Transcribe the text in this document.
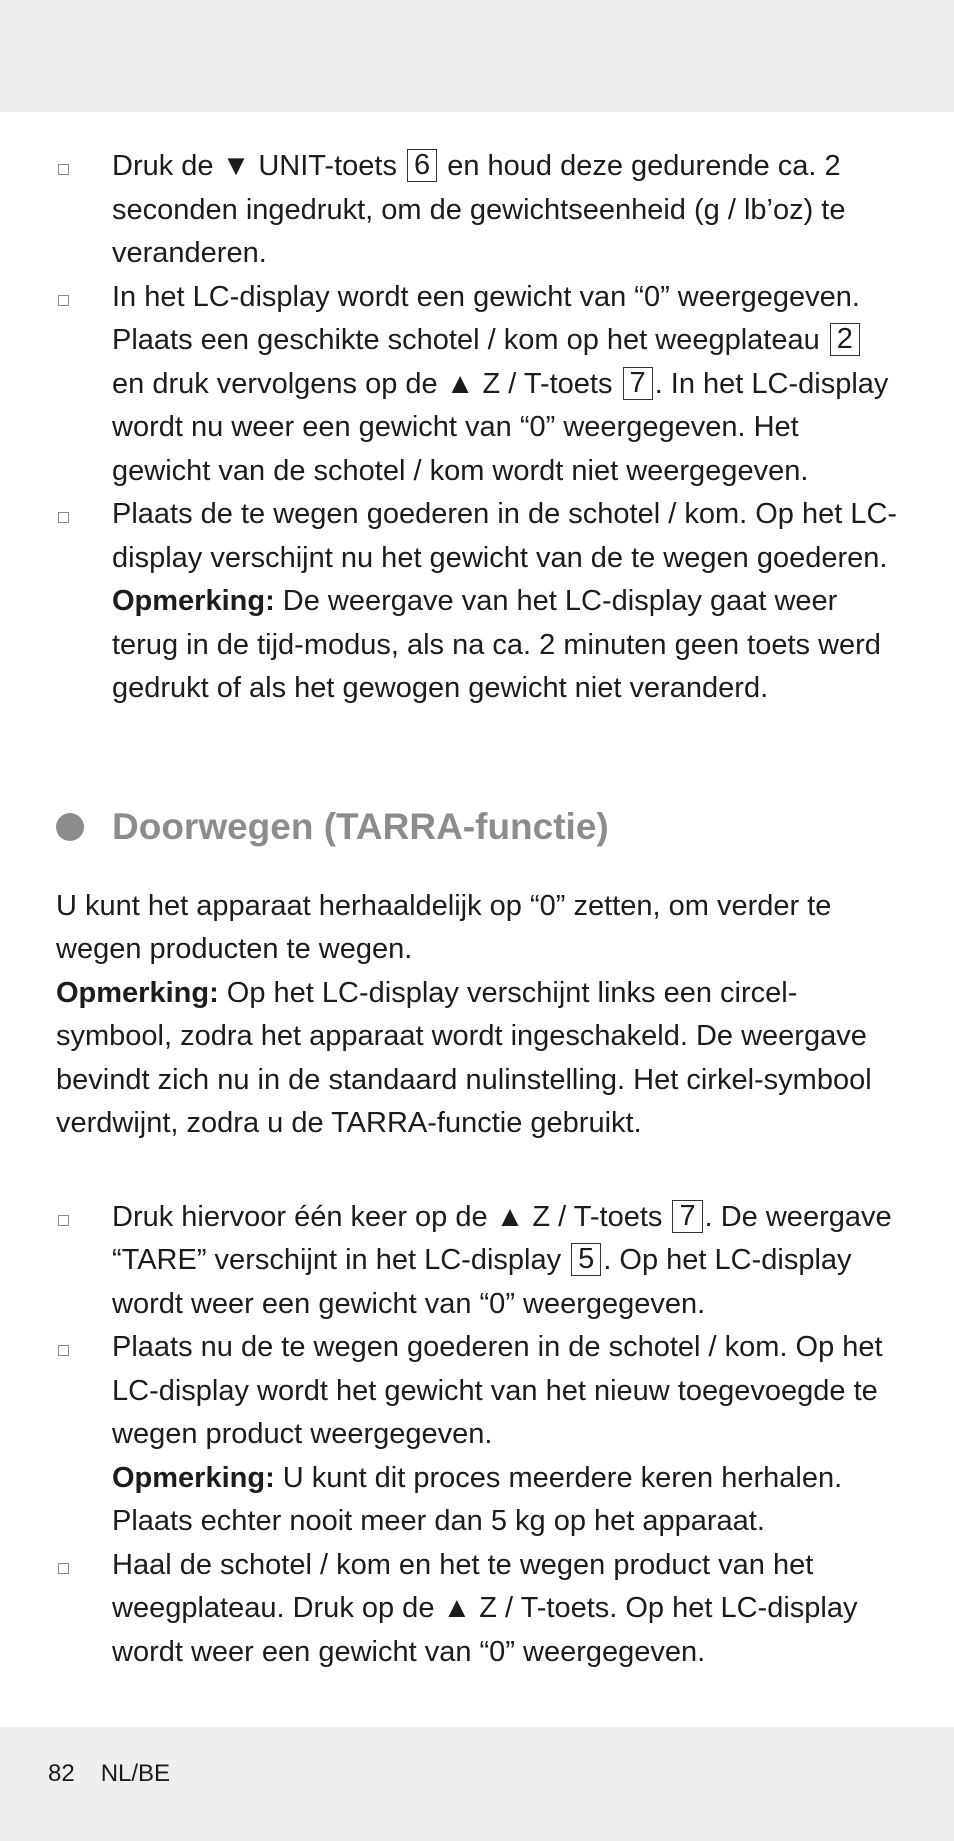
Druk de ▼ UNIT-toets 6 en houd deze gedurende ca. 2 seconden ingedrukt, om de gewichtseenheid (g / lb’oz) te veranderen.
In het LC-display wordt een gewicht van “0” weergegeven. Plaats een geschikte schotel / kom op het weegplateau 2 en druk vervolgens op de ▲ Z / T-toets 7 . In het LC-display wordt nu weer een gewicht van “0” weergegeven. Het gewicht van de schotel / kom wordt niet weergegeven.
Plaats de te wegen goederen in de schotel / kom. Op het LC-display verschijnt nu het gewicht van de te wegen goederen.
Opmerking: De weergave van het LC-display gaat weer terug in de tijd-modus, als na ca. 2 minuten geen toets werd gedrukt of als het gewogen gewicht niet veranderd.
Doorwegen (TARRA-functie)
U kunt het apparaat herhaaldelijk op “0” zetten, om verder te wegen producten te wegen.
Opmerking: Op het LC-display verschijnt links een circel-symbool, zodra het apparaat wordt ingeschakeld. De weergave bevindt zich nu in de standaard nulinstelling. Het cirkel-symbool verdwijnt, zodra u de TARRA-functie gebruikt.
Druk hiervoor één keer op de ▲ Z / T-toets 7 . De weergave “TARE” verschijnt in het LC-display 5 . Op het LC-display wordt weer een gewicht van “0” weergegeven.
Plaats nu de te wegen goederen in de schotel / kom. Op het LC-display wordt het gewicht van het nieuw toegevoegde te wegen product weergegeven.
Opmerking: U kunt dit proces meerdere keren herhalen. Plaats echter nooit meer dan 5 kg op het apparaat.
Haal de schotel / kom en het te wegen product van het weegplateau. Druk op de ▲ Z / T-toets. Op het LC-display wordt weer een gewicht van “0” weergegeven.
82 NL/BE
